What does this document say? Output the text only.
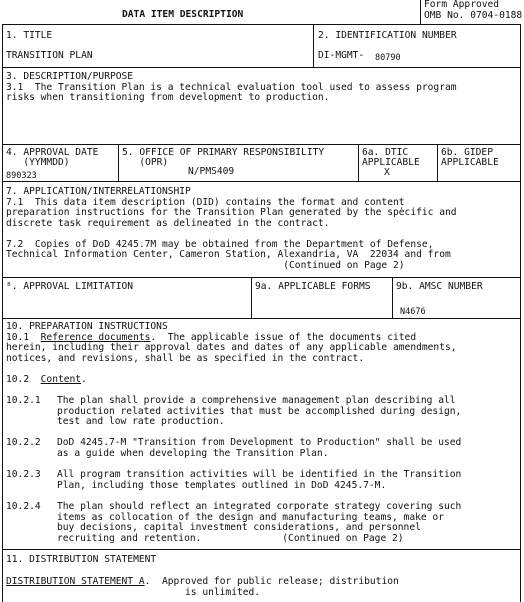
DATA ITEM DESCRIPTION
Form Approved
OMB No. 0704-0188
1. TITLE
TRANSITION PLAN
2. IDENTIFICATION NUMBER
DI-MGMT- 80790
3. DESCRIPTION/PURPOSE
3.1  The Transition Plan is a technical evaluation tool used to assess program
risks when transitioning from development to production.
4. APPROVAL DATE
(YYMMDD)
890323
5. OFFICE OF PRIMARY RESPONSIBILITY
(OPR)
N/PMS409
6a. DTIC
APPLICABLE
X
6b. GIDEP
APPLICABLE
7. APPLICATION/INTERRELATIONSHIP
7.1  This data item description (DID) contains the format and content
preparation instructions for the Transition Plan generated by the spe̍cific and
discrete task requirement as delineated in the contract.
7.2  Copies of DoD 4245.7M may be obtained from the Department of Defense,
Technical Information Center, Cameron Station, Alexandria, VA  22034 and from
(Continued on Page 2)
⁸. APPROVAL LIMITATION	9a. APPLICABLE FORMS	9b. AMSC NUMBER
N4676
10. PREPARATION INSTRUCTIONS
10.1  Reference documents.  The applicable issue of the documents cited
herein, including their approval dates and dates of any applicable amendments,
notices, and revisions, shall be as specified in the contract.
10.2  Content.
10.2.1 The plan shall provide a comprehensive management plan describing all
production related activities that must be accomplished during design,
test and low rate production.
10.2.2 DoD 4245.7-M "Transition from Development to Production" shall be used
as a guide when developing the Transition Plan.
10.2.3 All program transition activities will be identified in the Transition
Plan, including those templates outlined in DoD 4245.7-M.
10.2.4 The plan should reflect an integrated corporate strategy covering such
items as collocation of the design and manufacturing teams, make or
buy decisions, capital investment considerations, and personnel
recruiting and retention.              (Continued on Page 2)
11. DISTRIBUTION STATEMENT
DISTRIBUTION STATEMENT A.  Approved for public release; distribution
is unlimited.
